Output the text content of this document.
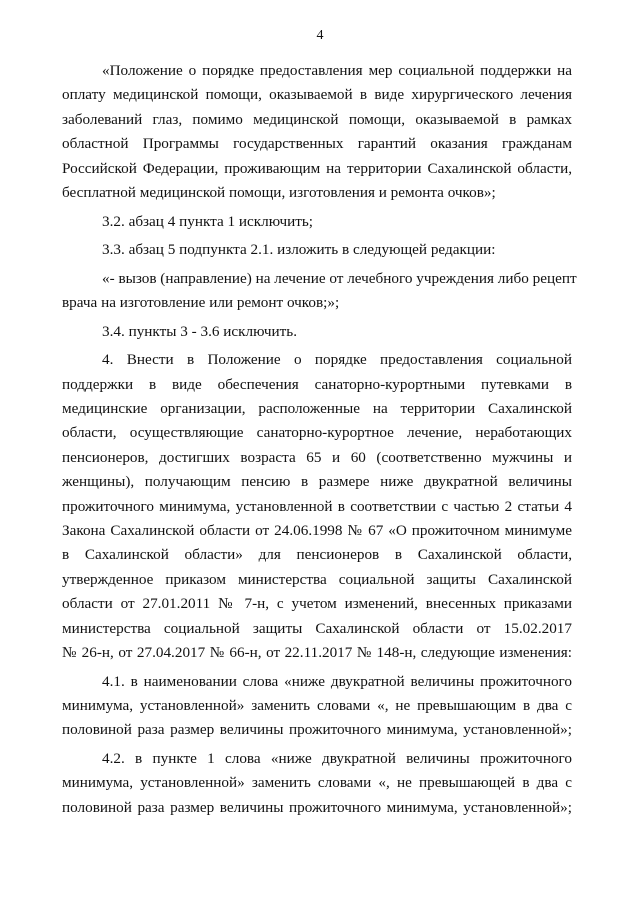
4
«Положение о порядке предоставления мер социальной поддержки на
оплату медицинской помощи, оказываемой в виде хирургического лечения
заболеваний глаз, помимо медицинской помощи, оказываемой в рамках
областной Программы государственных гарантий оказания гражданам
Российской Федерации, проживающим на территории Сахалинской области,
бесплатной медицинской помощи, изготовления и ремонта очков»;
3.2. абзац 4 пункта 1 исключить;
3.3. абзац 5 подпункта 2.1. изложить в следующей редакции:
«- вызов (направление) на лечение от лечебного учреждения либо рецепт
врача на изготовление или ремонт очков;»;
3.4. пункты 3 - 3.6 исключить.
4. Внести в Положение о порядке предоставления социальной
поддержки в виде обеспечения санаторно-курортными путевками в
медицинские организации, расположенные на территории Сахалинской
области, осуществляющие санаторно-курортное лечение, неработающих
пенсионеров, достигших возраста 65 и 60 (соответственно мужчины и
женщины), получающим пенсию в размере ниже двукратной величины
прожиточного минимума, установленной в соответствии с частью 2 статьи 4
Закона Сахалинской области от 24.06.1998 № 67 «О прожиточном минимуме
в Сахалинской области» для пенсионеров в Сахалинской области,
утвержденное приказом министерства социальной защиты Сахалинской
области от 27.01.2011 № 7-н, с учетом изменений, внесенных приказами
министерства социальной защиты Сахалинской области от 15.02.2017
№ 26-н, от 27.04.2017 № 66-н, от 22.11.2017 № 148-н, следующие изменения:
4.1. в наименовании слова «ниже двукратной величины прожиточного
минимума, установленной» заменить словами «, не превышающим в два с
половиной раза размер величины прожиточного минимума, установленной»;
4.2. в пункте 1 слова «ниже двукратной величины прожиточного
минимума, установленной» заменить словами «, не превышающей в два с
половиной раза размер величины прожиточного минимума, установленной»;
